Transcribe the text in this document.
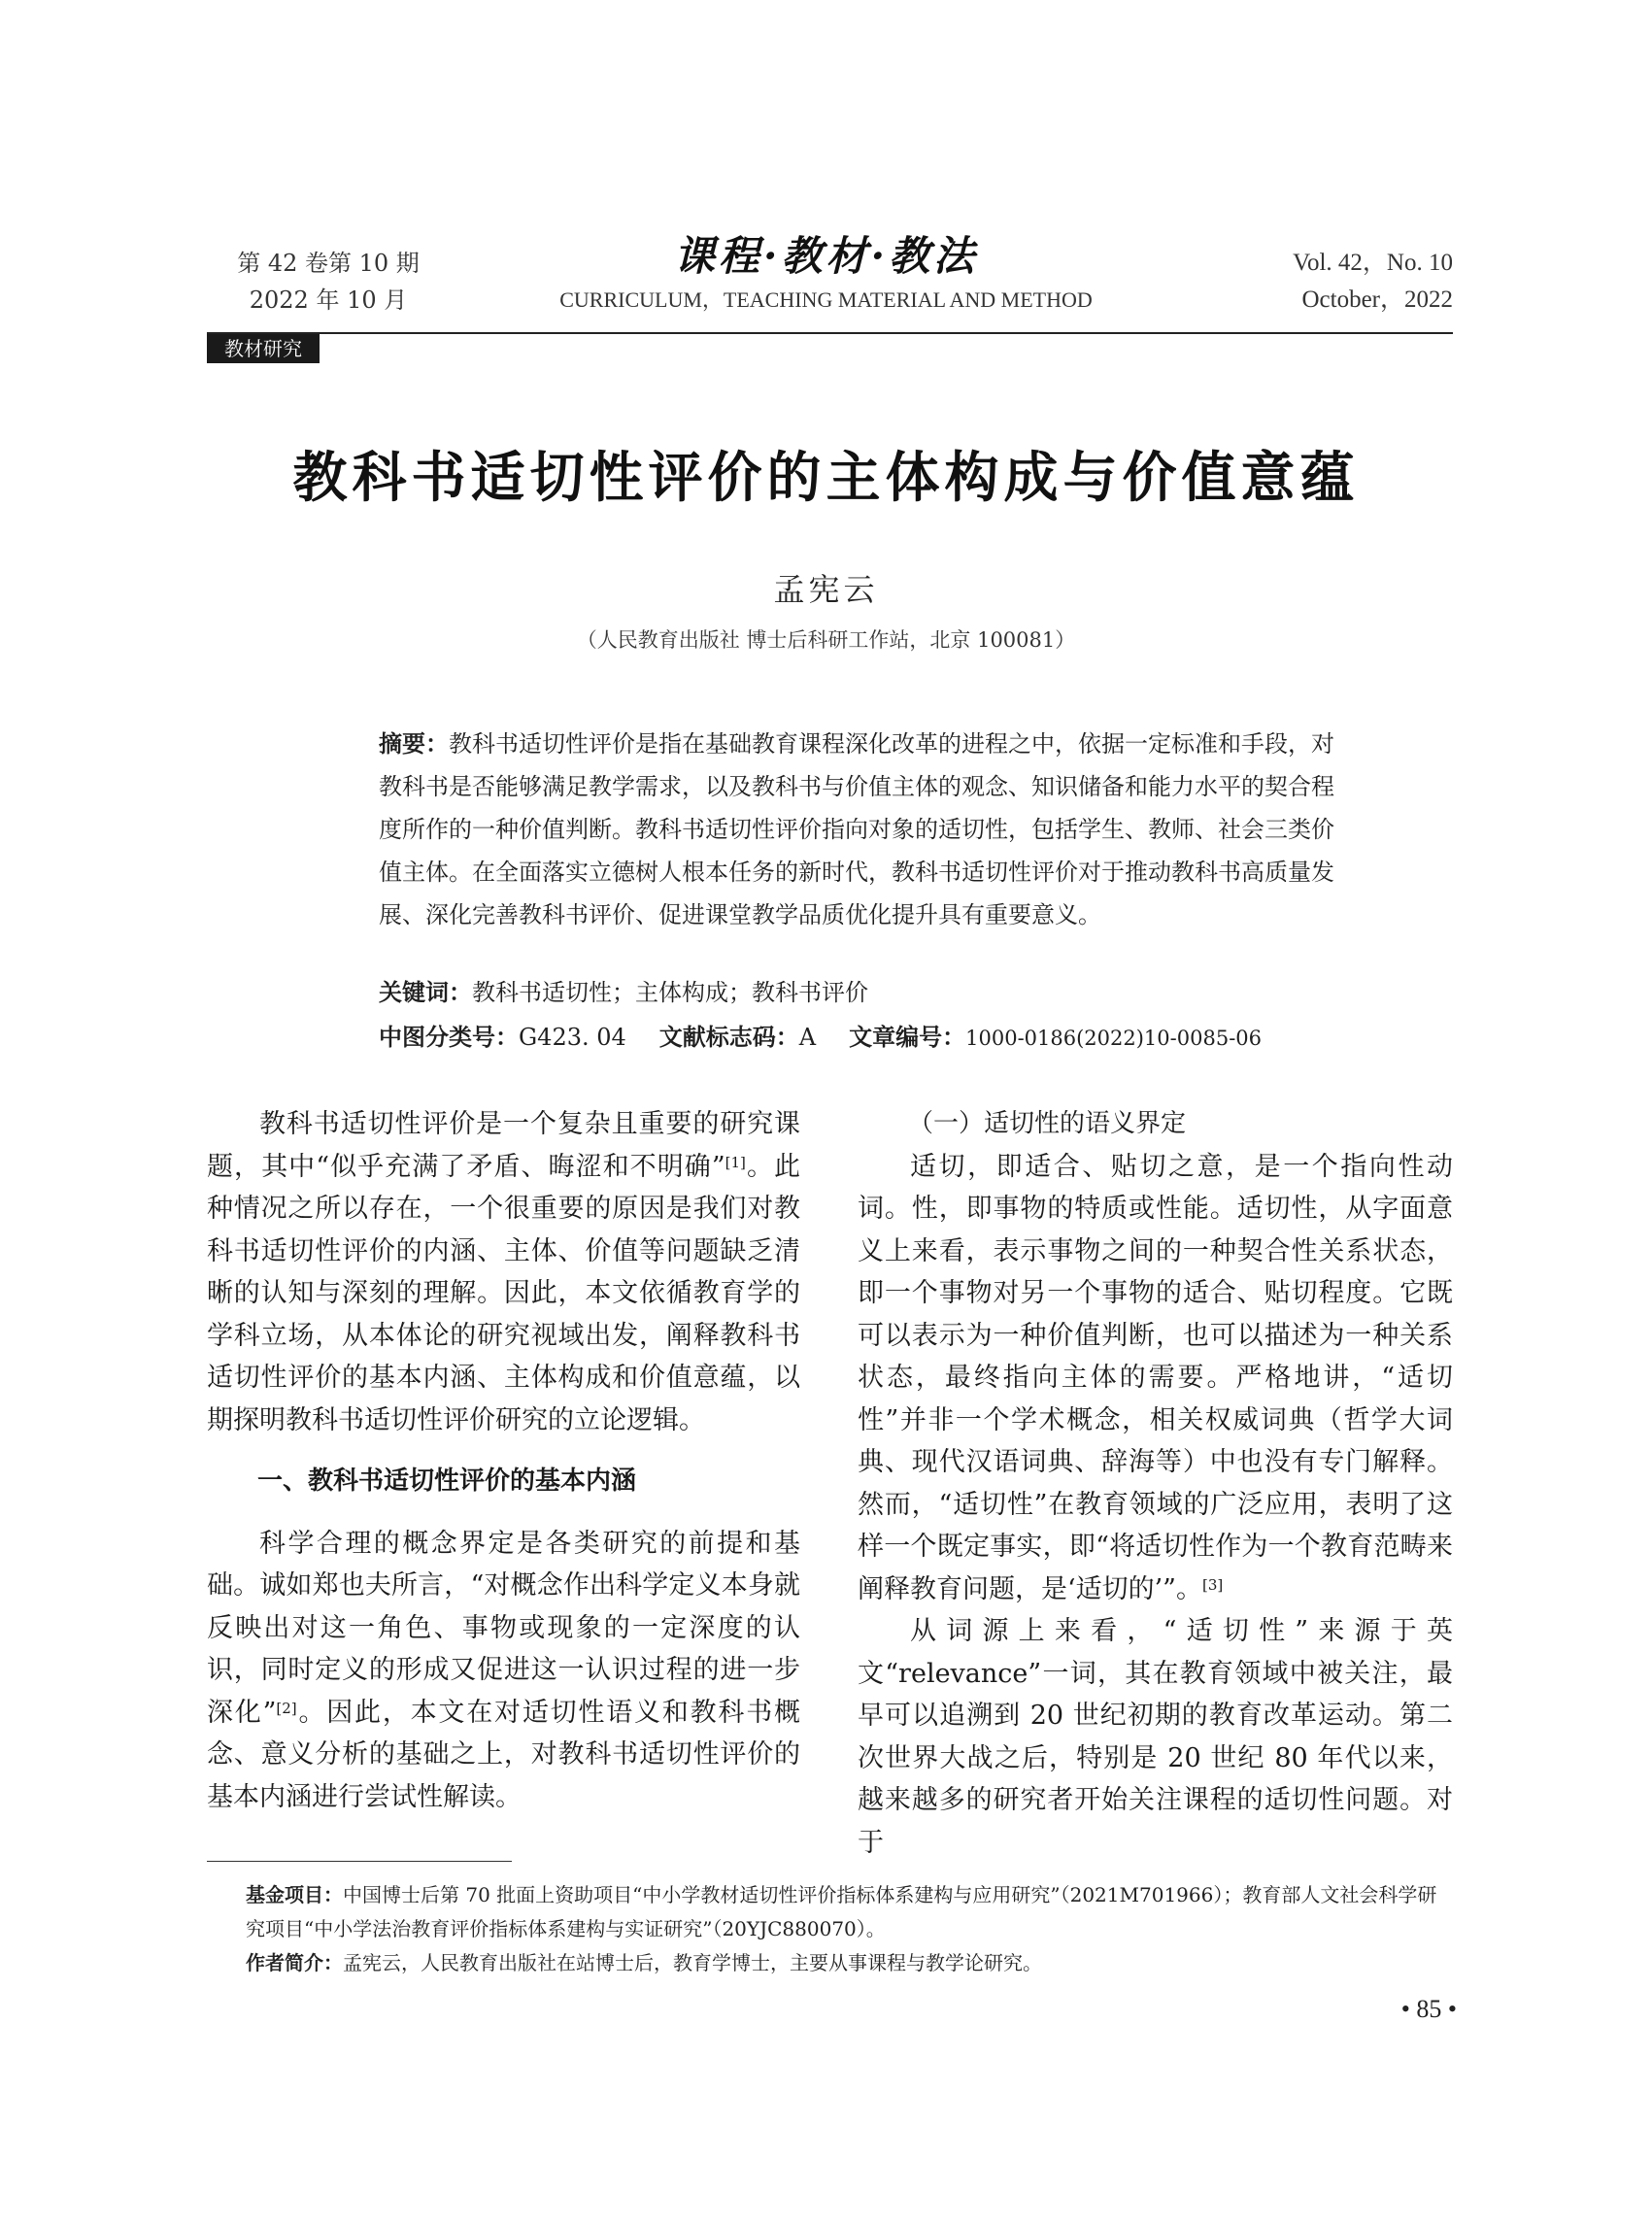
第 42 卷第 10 期
2022 年 10 月
课程·教材·教法
CURRICULUM，TEACHING MATERIAL AND METHOD
Vol. 42，No. 10
October，2022
教材研究
教科书适切性评价的主体构成与价值意蕴
孟宪云
（人民教育出版社 博士后科研工作站，北京 100081）
摘要：教科书适切性评价是指在基础教育课程深化改革的进程之中，依据一定标准和手段，对教科书是否能够满足教学需求，以及教科书与价值主体的观念、知识储备和能力水平的契合程度所作的一种价值判断。教科书适切性评价指向对象的适切性，包括学生、教师、社会三类价值主体。在全面落实立德树人根本任务的新时代，教科书适切性评价对于推动教科书高质量发展、深化完善教科书评价、促进课堂教学品质优化提升具有重要意义。
关键词：教科书适切性；主体构成；教科书评价
中图分类号：G423. 04 文献标志码：A 文章编号：1000-0186(2022)10-0085-06

教科书适切性评价是一个复杂且重要的研究课题，其中“似乎充满了矛盾、晦涩和不明确”[1]。此种情况之所以存在，一个很重要的原因是我们对教科书适切性评价的内涵、主体、价值等问题缺乏清晰的认知与深刻的理解。因此，本文依循教育学的学科立场，从本体论的研究视域出发，阐释教科书适切性评价的基本内涵、主体构成和价值意蕴，以期探明教科书适切性评价研究的立论逻辑。

一、教科书适切性评价的基本内涵

科学合理的概念界定是各类研究的前提和基础。诚如郑也夫所言，“对概念作出科学定义本身就反映出对这一角色、事物或现象的一定深度的认识，同时定义的形成又促进这一认识过程的进一步深化”[2]。因此，本文在对适切性语义和教科书概念、意义分析的基础之上，对教科书适切性评价的基本内涵进行尝试性解读。

（一）适切性的语义界定

适切，即适合、贴切之意，是一个指向性动词。性，即事物的特质或性能。适切性，从字面意义上来看，表示事物之间的一种契合性关系状态，即一个事物对另一个事物的适合、贴切程度。它既可以表示为一种价值判断，也可以描述为一种关系状态，最终指向主体的需要。严格地讲，“适切性”并非一个学术概念，相关权威词典（哲学大词典、现代汉语词典、辞海等）中也没有专门解释。然而，“适切性”在教育领域的广泛应用，表明了这样一个既定事实，即“将适切性作为一个教育范畴来阐释教育问题，是‘适切的’”。[3]

从词源上来看，“适切性”来源于英文“relevance”一词，其在教育领域中被关注，最早可以追溯到 20 世纪初期的教育改革运动。第二次世界大战之后，特别是 20 世纪 80 年代以来，越来越多的研究者开始关注课程的适切性问题。对于

基金项目：中国博士后第 70 批面上资助项目“中小学教材适切性评价指标体系建构与应用研究”（2021M701966）；教育部人文社会科学研究项目“中小学法治教育评价指标体系建构与实证研究”（20YJC880070）。

作者简介：孟宪云，人民教育出版社在站博士后，教育学博士，主要从事课程与教学论研究。

• 85 •
